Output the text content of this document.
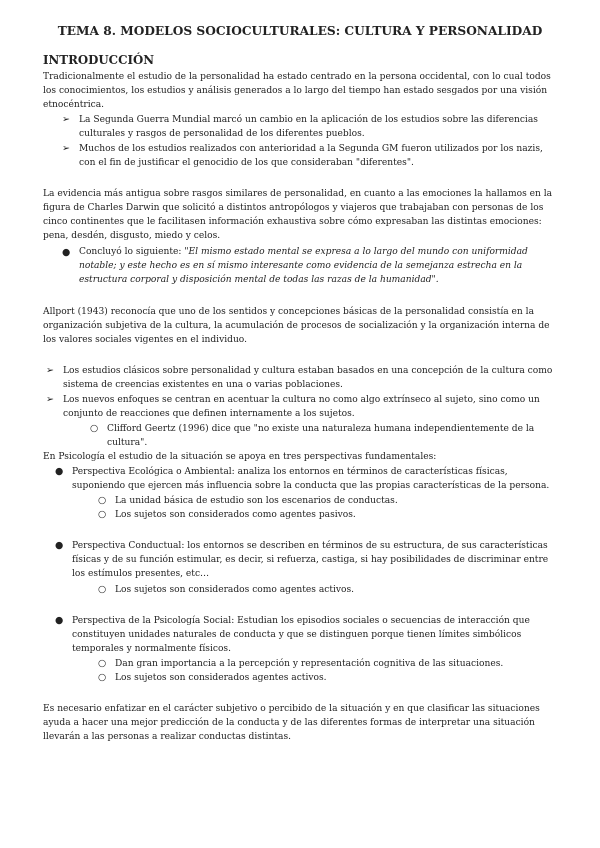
TEMA 8. MODELOS SOCIOCULTURALES: CULTURA Y PERSONALIDAD
INTRODUCCIÓN

Tradicionalmente el estudio de la personalidad ha estado centrado en la persona occidental, con lo cual todos los conocimientos, los estudios y análisis generados a lo largo del tiempo han estado sesgados por una visión etnocéntrica.

➢ La Segunda Guerra Mundial marcó un cambio en la aplicación de los estudios sobre las diferencias culturales y rasgos de personalidad de los diferentes pueblos.

➢ Muchos de los estudios realizados con anterioridad a la Segunda GM fueron utilizados por los nazis, con el fin de justificar el genocidio de los que consideraban "diferentes".

La evidencia más antigua sobre rasgos similares de personalidad, en cuanto a las emociones la hallamos en la figura de Charles Darwin que solicitó a distintos antropólogos y viajeros que trabajaban con personas de los cinco continentes que le facilitasen información exhaustiva sobre cómo expresaban las distintas emociones: pena, desdén, disgusto, miedo y celos.

● Concluyó lo siguiente: "El mismo estado mental se expresa a lo largo del mundo con uniformidad notable; y este hecho es en sí mismo interesante como evidencia de la semejanza estrecha en la estructura corporal y disposición mental de todas las razas de la humanidad".

Allport (1943) reconocía que uno de los sentidos y concepciones básicas de la personalidad consistía en la organización subjetiva de la cultura, la acumulación de procesos de socialización y la organización interna de los valores sociales vigentes en el individuo.

➢ Los estudios clásicos sobre personalidad y cultura estaban basados en una concepción de la cultura como sistema de creencias existentes en una o varias poblaciones.

➢ Los nuevos enfoques se centran en acentuar la cultura no como algo extrínseco al sujeto, sino como un conjunto de reacciones que definen internamente a los sujetos.

○ Clifford Geertz (1996) dice que "no existe una naturaleza humana independientemente de la cultura".

En Psicología el estudio de la situación se apoya en tres perspectivas fundamentales:

● Perspectiva Ecológica o Ambiental: analiza los entornos en términos de características físicas, suponiendo que ejercen más influencia sobre la conducta que las propias características de la persona.

○ La unidad básica de estudio son los escenarios de conductas.

○ Los sujetos son considerados como agentes pasivos.

● Perspectiva Conductual: los entornos se describen en términos de su estructura, de sus características físicas y de su función estimular, es decir, si refuerza, castiga, si hay posibilidades de discriminar entre los estímulos presentes, etc…

○ Los sujetos son considerados como agentes activos.

● Perspectiva de la Psicología Social: Estudian los episodios sociales o secuencias de interacción que constituyen unidades naturales de conducta y que se distinguen porque tienen límites simbólicos temporales y normalmente físicos.

○ Dan gran importancia a la percepción y representación cognitiva de las situaciones.

○ Los sujetos son considerados agentes activos.

Es necesario enfatizar en el carácter subjetivo o percibido de la situación y en que clasificar las situaciones ayuda a hacer una mejor predicción de la conducta y de las diferentes formas de interpretar una situación llevarán a las personas a realizar conductas distintas.
